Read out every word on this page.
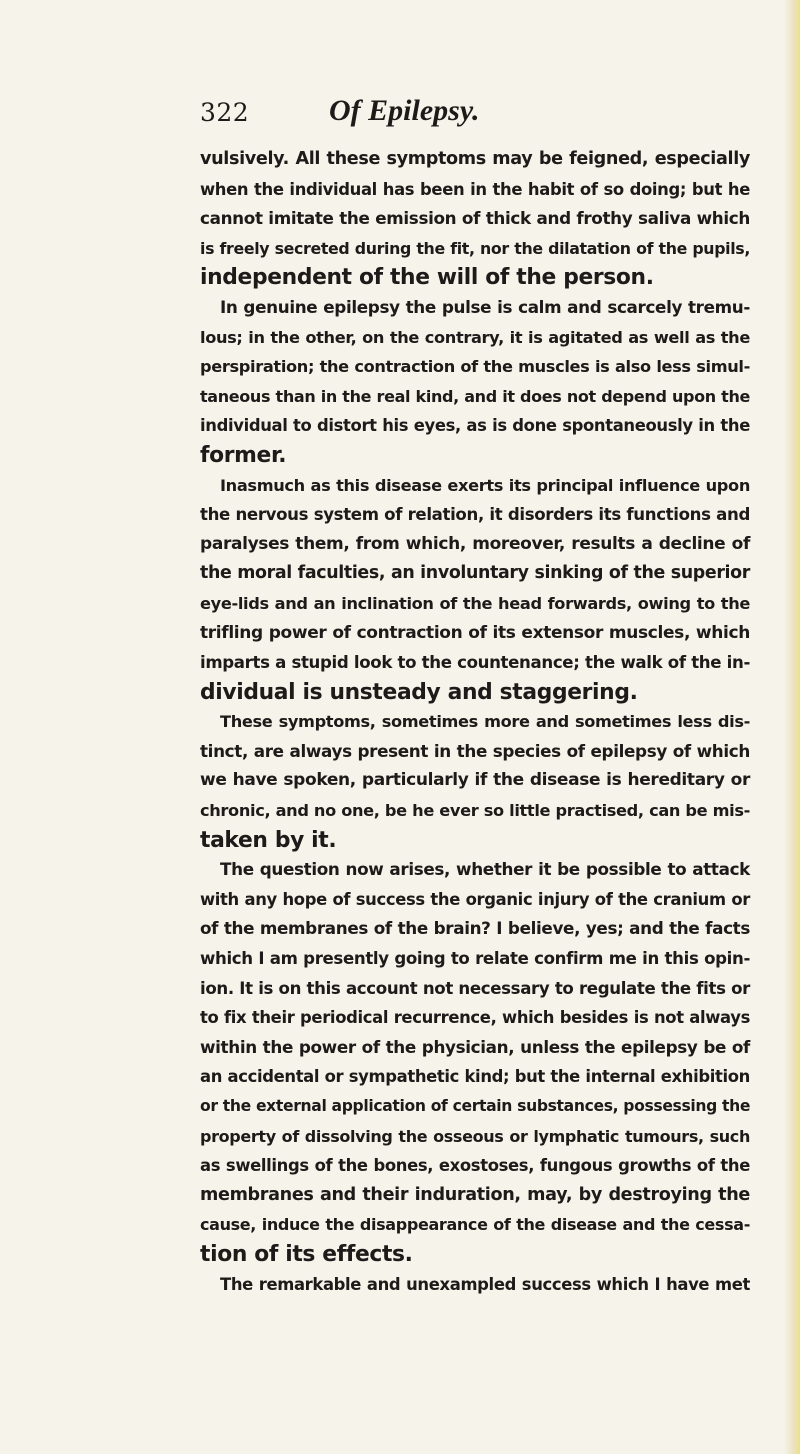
322	Of Epilepsy.
vulsively. All these symptoms may be feigned, especially
when the individual has been in the habit of so doing; but he
cannot imitate the emission of thick and frothy saliva which
is freely secreted during the fit, nor the dilatation of the pupils,
independent of the will of the person.
In genuine epilepsy the pulse is calm and scarcely tremu-
lous; in the other, on the contrary, it is agitated as well as the
perspiration; the contraction of the muscles is also less simul-
taneous than in the real kind, and it does not depend upon the
individual to distort his eyes, as is done spontaneously in the
former.
Inasmuch as this disease exerts its principal influence upon
the nervous system of relation, it disorders its functions and
paralyses them, from which, moreover, results a decline of
the moral faculties, an involuntary sinking of the superior
eye-lids and an inclination of the head forwards, owing to the
trifling power of contraction of its extensor muscles, which
imparts a stupid look to the countenance; the walk of the in-
dividual is unsteady and staggering.
These symptoms, sometimes more and sometimes less dis-
tinct, are always present in the species of epilepsy of which
we have spoken, particularly if the disease is hereditary or
chronic, and no one, be he ever so little practised, can be mis-
taken by it.
The question now arises, whether it be possible to attack
with any hope of success the organic injury of the cranium or
of the membranes of the brain? I believe, yes; and the facts
which I am presently going to relate confirm me in this opin-
ion. It is on this account not necessary to regulate the fits or
to fix their periodical recurrence, which besides is not always
within the power of the physician, unless the epilepsy be of
an accidental or sympathetic kind; but the internal exhibition
or the external application of certain substances, possessing the
property of dissolving the osseous or lymphatic tumours, such
as swellings of the bones, exostoses, fungous growths of the
membranes and their induration, may, by destroying the
cause, induce the disappearance of the disease and the cessa-
tion of its effects.
The remarkable and unexampled success which I have met
